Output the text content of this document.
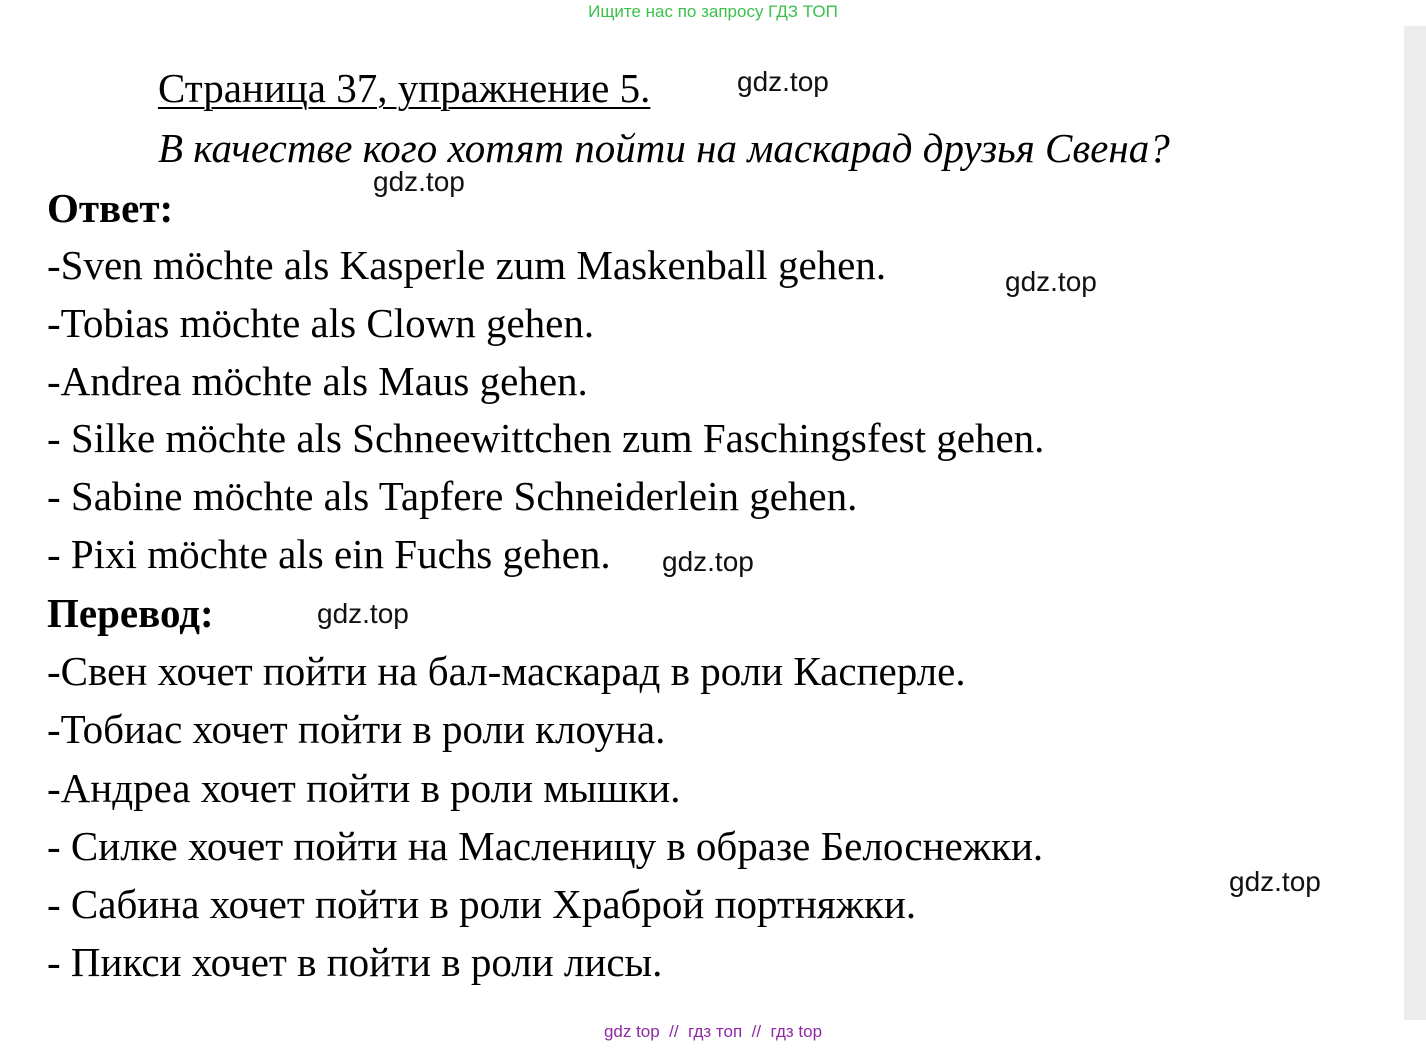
Ищите нас по запросу ГДЗ ТОП
Страница 37, упражнение 5.
В качестве кого хотят пойти на маскарад друзья Свена?
Ответ:
-Sven möchte als Kasperle zum Maskenball gehen.
-Tobias möchte als Clown gehen.
-Andrea möchte als Maus gehen.
- Silke möchte als Schneewittchen zum Faschingsfest gehen.
- Sabine möchte als Tapfere Schneiderlein gehen.
- Pixi möchte als ein Fuchs gehen.
Перевод:
-Свен хочет пойти на бал-маскарад в роли Касперле.
-Тобиас хочет пойти в роли клоуна.
-Андреа хочет пойти в роли мышки.
- Силке хочет пойти на Масленицу в образе Белоснежки.
- Сабина хочет пойти в роли Храброй портняжки.
- Пикси хочет в пойти в роли лисы.
gdz.top
gdz.top
gdz.top
gdz.top
gdz.top
gdz.top
gdz top  //  гдз топ  //  гдз top
